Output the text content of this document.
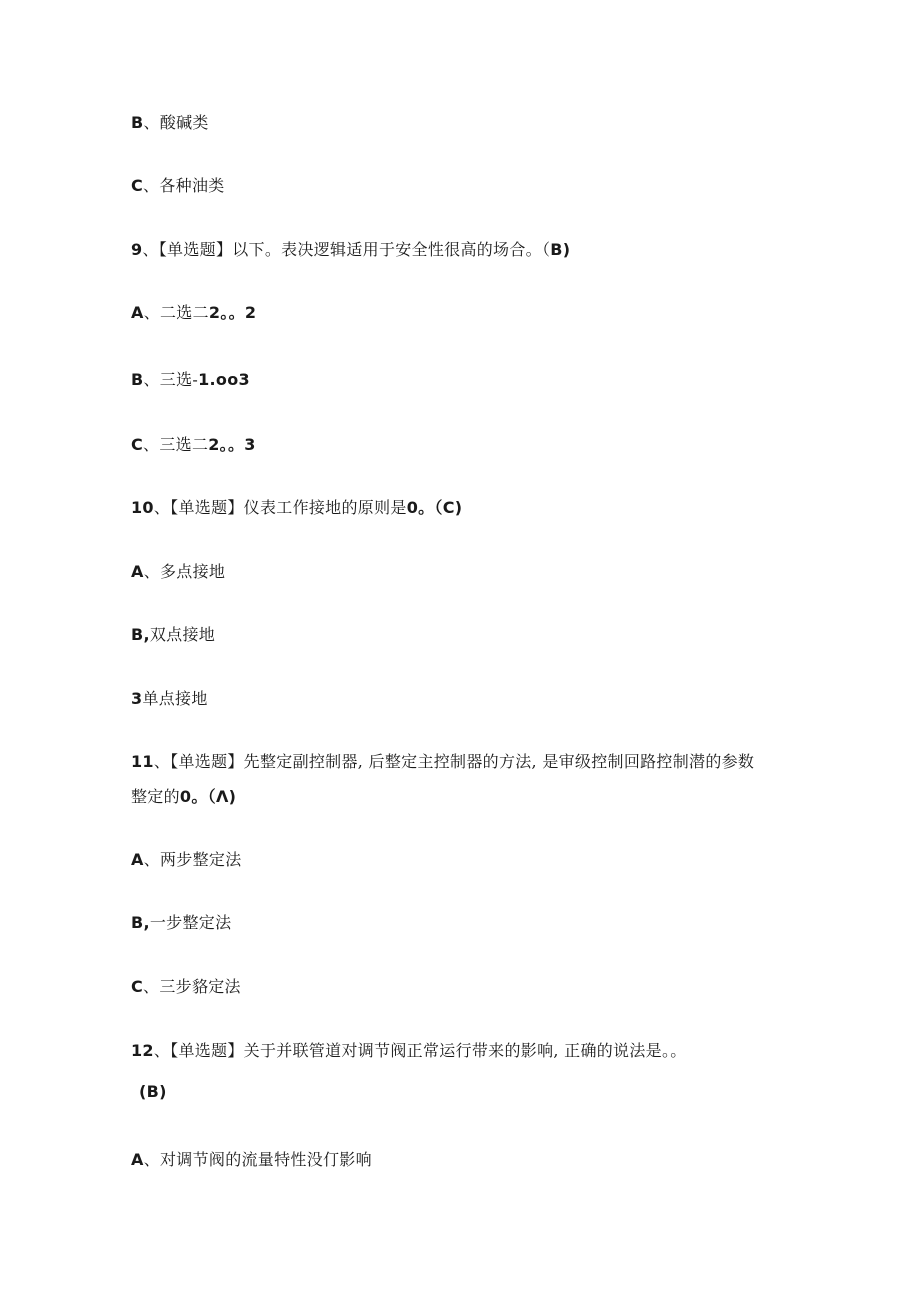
B、酸碱类
C、各种油类
9、【单选题】以下。表决逻辑适用于安全性很高的场合。（B)
A、二选二2。。2
B、三选-1.oo3
C、三选二2。。3
10、【单选题】仪表工作接地的原则是0。（C)
A、多点接地
B,双点接地
3单点接地
11、【单选题】先整定副控制器, 后整定主控制器的方法, 是审级控制回路控制潜的参数
整定的0。（Λ)
A、两步整定法
B,一步整定法
C、三步貉定法
12、【单选题】关于并联管道对调节阀正常运行带来的影响, 正确的说法是。。
(B)
A、对调节阀的流量特性没仃影响
